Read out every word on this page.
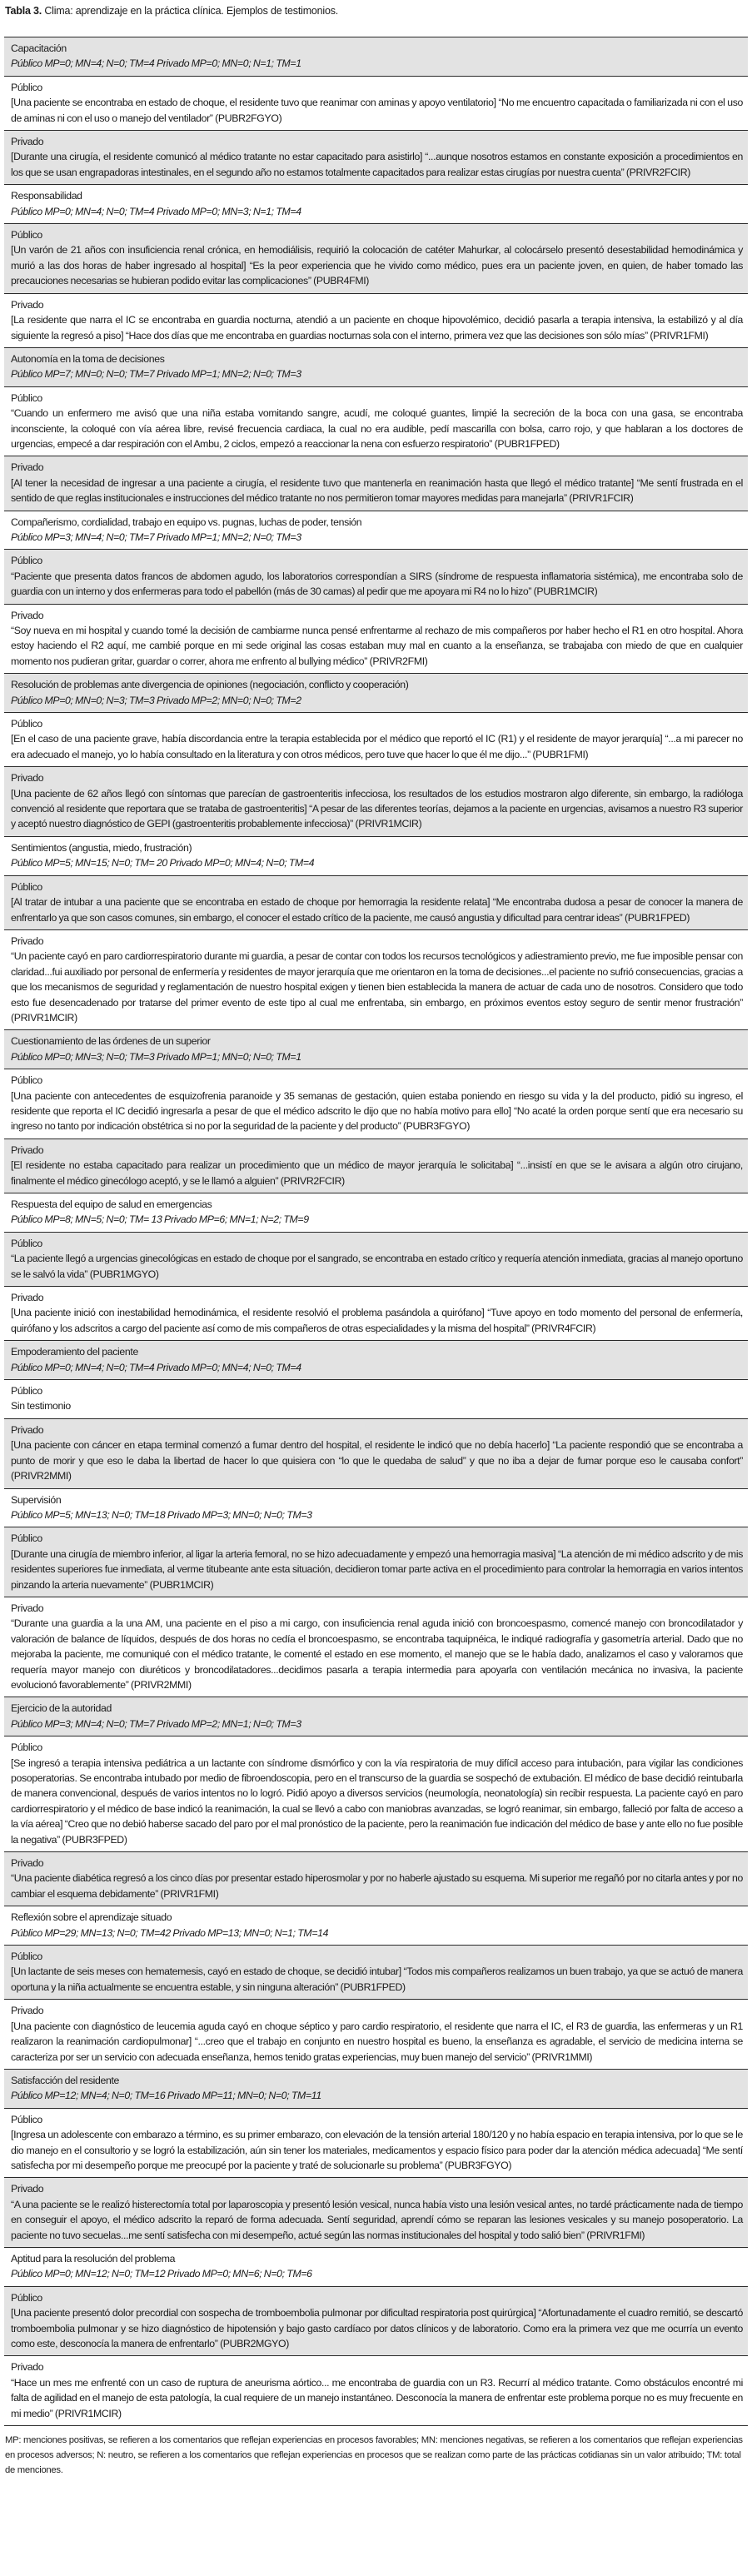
Tabla 3. Clima: aprendizaje en la práctica clínica. Ejemplos de testimonios.
Capacitación
Público MP=0; MN=4; N=0; TM=4 Privado MP=0; MN=0; N=1; TM=1
Público
[Una paciente se encontraba en estado de choque, el residente tuvo que reanimar con aminas y apoyo ventilatorio] “No me encuentro capacitada o familiarizada ni con el uso de aminas ni con el uso o manejo del ventilador” (PUBR2FGYO)
Privado
[Durante una cirugía, el residente comunicó al médico tratante no estar capacitado para asistirlo] “...aunque nosotros estamos en constante exposición a procedimientos en los que se usan engrapadoras intestinales, en el segundo año no estamos totalmente capacitados para realizar estas cirugías por nuestra cuenta” (PRIVR2FCIR)
Responsabilidad
Público MP=0; MN=4; N=0; TM=4 Privado MP=0; MN=3; N=1; TM=4
Público
[Un varón de 21 años con insuficiencia renal crónica, en hemodiálisis, requirió la colocación de catéter Mahurkar, al colocárselo presentó desestabilidad hemodinámica y murió a las dos horas de haber ingresado al hospital] “Es la peor experiencia que he vivido como médico, pues era un paciente joven, en quien, de haber tomado las precauciones necesarias se hubieran podido evitar las complicaciones” (PUBR4FMI)
Privado
[La residente que narra el IC se encontraba en guardia nocturna, atendió a un paciente en choque hipovolémico, decidió pasarla a terapia intensiva, la estabilizó y al día siguiente la regresó a piso] “Hace dos días que me encontraba en guardias nocturnas sola con el interno, primera vez que las decisiones son sólo mías” (PRIVR1FMI)
Autonomía en la toma de decisiones
Público MP=7; MN=0; N=0; TM=7 Privado MP=1; MN=2; N=0; TM=3
Público
“Cuando un enfermero me avisó que una niña estaba vomitando sangre, acudí, me coloqué guantes, limpié la secreción de la boca con una gasa, se encontraba inconsciente, la coloqué con vía aérea libre, revisé frecuencia cardiaca, la cual no era audible, pedí mascarilla con bolsa, carro rojo, y que hablaran a los doctores de urgencias, empecé a dar respiración con el Ambu, 2 ciclos, empezó a reaccionar la nena con esfuerzo respiratorio” (PUBR1FPED)
Privado
[Al tener la necesidad de ingresar a una paciente a cirugía, el residente tuvo que mantenerla en reanimación hasta que llegó el médico tratante] “Me sentí frustrada en el sentido de que reglas institucionales e instrucciones del médico tratante no nos permitieron tomar mayores medidas para manejarla” (PRIVR1FCIR)
Compañerismo, cordialidad, trabajo en equipo vs. pugnas, luchas de poder, tensión
Público MP=3; MN=4; N=0; TM=7 Privado MP=1; MN=2; N=0; TM=3
Público
“Paciente que presenta datos francos de abdomen agudo, los laboratorios correspondían a SIRS (síndrome de respuesta inflamatoria sistémica), me encontraba solo de guardia con un interno y dos enfermeras para todo el pabellón (más de 30 camas) al pedir que me apoyara mi R4 no lo hizo” (PUBR1MCIR)
Privado
“Soy nueva en mi hospital y cuando tomé la decisión de cambiarme nunca pensé enfrentarme al rechazo de mis compañeros por haber hecho el R1 en otro hospital. Ahora estoy haciendo el R2 aquí, me cambié porque en mi sede original las cosas estaban muy mal en cuanto a la enseñanza, se trabajaba con miedo de que en cualquier momento nos pudieran gritar, guardar o correr, ahora me enfrento al bullying médico” (PRIVR2FMI)
Resolución de problemas ante divergencia de opiniones (negociación, conflicto y cooperación)
Público MP=0; MN=0; N=3; TM=3 Privado MP=2; MN=0; N=0; TM=2
Público
[En el caso de una paciente grave, había discordancia entre la terapia establecida por el médico que reportó el IC (R1) y el residente de mayor jerarquía] “...a mi parecer no era adecuado el manejo, yo lo había consultado en la literatura y con otros médicos, pero tuve que hacer lo que él me dijo...” (PUBR1FMI)
Privado
[Una paciente de 62 años llegó con síntomas que parecían de gastroenteritis infecciosa, los resultados de los estudios mostraron algo diferente, sin embargo, la radióloga convenció al residente que reportara que se trataba de gastroenteritis] “A pesar de las diferentes teorías, dejamos a la paciente en urgencias, avisamos a nuestro R3 superior y aceptó nuestro diagnóstico de GEPI (gastroenteritis probablemente infecciosa)” (PRIVR1MCIR)
Sentimientos (angustia, miedo, frustración)
Público MP=5; MN=15; N=0; TM= 20 Privado MP=0; MN=4; N=0; TM=4
Público
[Al tratar de intubar a una paciente que se encontraba en estado de choque por hemorragia la residente relata] “Me encontraba dudosa a pesar de conocer la manera de enfrentarlo ya que son casos comunes, sin embargo, el conocer el estado crítico de la paciente, me causó angustia y dificultad para centrar ideas” (PUBR1FPED)
Privado
“Un paciente cayó en paro cardiorrespiratorio durante mi guardia, a pesar de contar con todos los recursos tecnológicos y adiestramiento previo, me fue imposible pensar con claridad...fui auxiliado por personal de enfermería y residentes de mayor jerarquía que me orientaron en la toma de decisiones...el paciente no sufrió consecuencias, gracias a que los mecanismos de seguridad y reglamentación de nuestro hospital exigen y tienen bien establecida la manera de actuar de cada uno de nosotros. Considero que todo esto fue desencadenado por tratarse del primer evento de este tipo al cual me enfrentaba, sin embargo, en próximos eventos estoy seguro de sentir menor frustración” (PRIVR1MCIR)
Cuestionamiento de las órdenes de un superior
Público MP=0; MN=3; N=0; TM=3 Privado MP=1; MN=0; N=0; TM=1
Público
[Una paciente con antecedentes de esquizofrenia paranoide y 35 semanas de gestación, quien estaba poniendo en riesgo su vida y la del producto, pidió su ingreso, el residente que reporta el IC decidió ingresarla a pesar de que el médico adscrito le dijo que no había motivo para ello] “No acaté la orden porque sentí que era necesario su ingreso no tanto por indicación obstétrica si no por la seguridad de la paciente y del producto” (PUBR3FGYO)
Privado
[El residente no estaba capacitado para realizar un procedimiento que un médico de mayor jerarquía le solicitaba] “...insistí en que se le avisara a algún otro cirujano, finalmente el médico ginecólogo aceptó, y se le llamó a alguien” (PRIVR2FCIR)
Respuesta del equipo de salud en emergencias
Público MP=8; MN=5; N=0; TM= 13 Privado MP=6; MN=1; N=2; TM=9
Público
“La paciente llegó a urgencias ginecológicas en estado de choque por el sangrado, se encontraba en estado crítico y requería atención inmediata, gracias al manejo oportuno se le salvó la vida” (PUBR1MGYO)
Privado
[Una paciente inició con inestabilidad hemodinámica, el residente resolvió el problema pasándola a quirófano] “Tuve apoyo en todo momento del personal de enfermería, quirófano y los adscritos a cargo del paciente así como de mis compañeros de otras especialidades y la misma del hospital” (PRIVR4FCIR)
Empoderamiento del paciente
Público MP=0; MN=4; N=0; TM=4 Privado MP=0; MN=4; N=0; TM=4
Público
Sin testimonio
Privado
[Una paciente con cáncer en etapa terminal comenzó a fumar dentro del hospital, el residente le indicó que no debía hacerlo] “La paciente respondió que se encontraba a punto de morir y que eso le daba la libertad de hacer lo que quisiera con “lo que le quedaba de salud” y que no iba a dejar de fumar porque eso le causaba confort” (PRIVR2MMI)
Supervisión
Público MP=5; MN=13; N=0; TM=18 Privado MP=3; MN=0; N=0; TM=3
Público
[Durante una cirugía de miembro inferior, al ligar la arteria femoral, no se hizo adecuadamente y empezó una hemorragia masiva] “La atención de mi médico adscrito y de mis residentes superiores fue inmediata, al verme titubeante ante esta situación, decidieron tomar parte activa en el procedimiento para controlar la hemorragia en varios intentos pinzando la arteria nuevamente” (PUBR1MCIR)
Privado
“Durante una guardia a la una AM, una paciente en el piso a mi cargo, con insuficiencia renal aguda inició con broncoespasmo, comencé manejo con broncodilatador y valoración de balance de líquidos, después de dos horas no cedía el broncoespasmo, se encontraba taquipnéica, le indiqué radiografía y gasometría arterial. Dado que no mejoraba la paciente, me comuniqué con el médico tratante, le comenté el estado en ese momento, el manejo que se le había dado, analizamos el caso y valoramos que requería mayor manejo con diuréticos y broncodilatadores...decidimos pasarla a terapia intermedia para apoyarla con ventilación mecánica no invasiva, la paciente evolucionó favorablemente” (PRIVR2MMI)
Ejercicio de la autoridad
Público MP=3; MN=4; N=0; TM=7 Privado MP=2; MN=1; N=0; TM=3
Público
[Se ingresó a terapia intensiva pediátrica a un lactante con síndrome dismórfico y con la vía respiratoria de muy difícil acceso para intubación, para vigilar las condiciones posoperatorias. Se encontraba intubado por medio de fibroendoscopia, pero en el transcurso de la guardia se sospechó de extubación. El médico de base decidió reintubarla de manera convencional, después de varios intentos no lo logró. Pidió apoyo a diversos servicios (neumología, neonatología) sin recibir respuesta. La paciente cayó en paro cardiorrespiratorio y el médico de base indicó la reanimación, la cual se llevó a cabo con maniobras avanzadas, se logró reanimar, sin embargo, falleció por falta de acceso a la vía aérea] “Creo que no debió haberse sacado del paro por el mal pronóstico de la paciente, pero la reanimación fue indicación del médico de base y ante ello no fue posible la negativa” (PUBR3FPED)
Privado
“Una paciente diabética regresó a los cinco días por presentar estado hiperosmolar y por no haberle ajustado su esquema. Mi superior me regañó por no citarla antes y por no cambiar el esquema debidamente” (PRIVR1FMI)
Reflexión sobre el aprendizaje situado
Público MP=29; MN=13; N=0; TM=42 Privado MP=13; MN=0; N=1; TM=14
Público
[Un lactante de seis meses con hematemesis, cayó en estado de choque, se decidió intubar] “Todos mis compañeros realizamos un buen trabajo, ya que se actuó de manera oportuna y la niña actualmente se encuentra estable, y sin ninguna alteración” (PUBR1FPED)
Privado
[Una paciente con diagnóstico de leucemia aguda cayó en choque séptico y paro cardio respiratorio, el residente que narra el IC, el R3 de guardia, las enfermeras y un R1 realizaron la reanimación cardiopulmonar] “...creo que el trabajo en conjunto en nuestro hospital es bueno, la enseñanza es agradable, el servicio de medicina interna se caracteriza por ser un servicio con adecuada enseñanza, hemos tenido gratas experiencias, muy buen manejo del servicio” (PRIVR1MMI)
Satisfacción del residente
Público MP=12; MN=4; N=0; TM=16 Privado MP=11; MN=0; N=0; TM=11
Público
[Ingresa un adolescente con embarazo a término, es su primer embarazo, con elevación de la tensión arterial 180/120 y no había espacio en terapia intensiva, por lo que se le dio manejo en el consultorio y se logró la estabilización, aún sin tener los materiales, medicamentos y espacio físico para poder dar la atención médica adecuada] “Me sentí satisfecha por mi desempeño porque me preocupé por la paciente y traté de solucionarle su problema” (PUBR3FGYO)
Privado
“A una paciente se le realizó histerectomía total por laparoscopia y presentó lesión vesical, nunca había visto una lesión vesical antes, no tardé prácticamente nada de tiempo en conseguir el apoyo, el médico adscrito la reparó de forma adecuada. Sentí seguridad, aprendí cómo se reparan las lesiones vesicales y su manejo posoperatorio. La paciente no tuvo secuelas...me sentí satisfecha con mi desempeño, actué según las normas institucionales del hospital y todo salió bien” (PRIVR1FMI)
Aptitud para la resolución del problema
Público MP=0; MN=12; N=0; TM=12 Privado MP=0; MN=6; N=0; TM=6
Público
[Una paciente presentó dolor precordial con sospecha de tromboembolia pulmonar por dificultad respiratoria post quirúrgica] “Afortunadamente el cuadro remitió, se descartó tromboembolia pulmonar y se hizo diagnóstico de hipotensión y bajo gasto cardíaco por datos clínicos y de laboratorio. Como era la primera vez que me ocurría un evento como este, desconocía la manera de enfrentarlo” (PUBR2MGYO)
Privado
“Hace un mes me enfrenté con un caso de ruptura de aneurisma aórtico... me encontraba de guardia con un R3. Recurrí al médico tratante. Como obstáculos encontré mi falta de agilidad en el manejo de esta patología, la cual requiere de un manejo instantáneo. Desconocía la manera de enfrentar este problema porque no es muy frecuente en mi medio” (PRIVR1MCIR)
MP: menciones positivas, se refieren a los comentarios que reflejan experiencias en procesos favorables; MN: menciones negativas, se refieren a los comentarios que reflejan experiencias en procesos adversos; N: neutro, se refieren a los comentarios que reflejan experiencias en procesos que se realizan como parte de las prácticas cotidianas sin un valor atribuido; TM: total de menciones.
